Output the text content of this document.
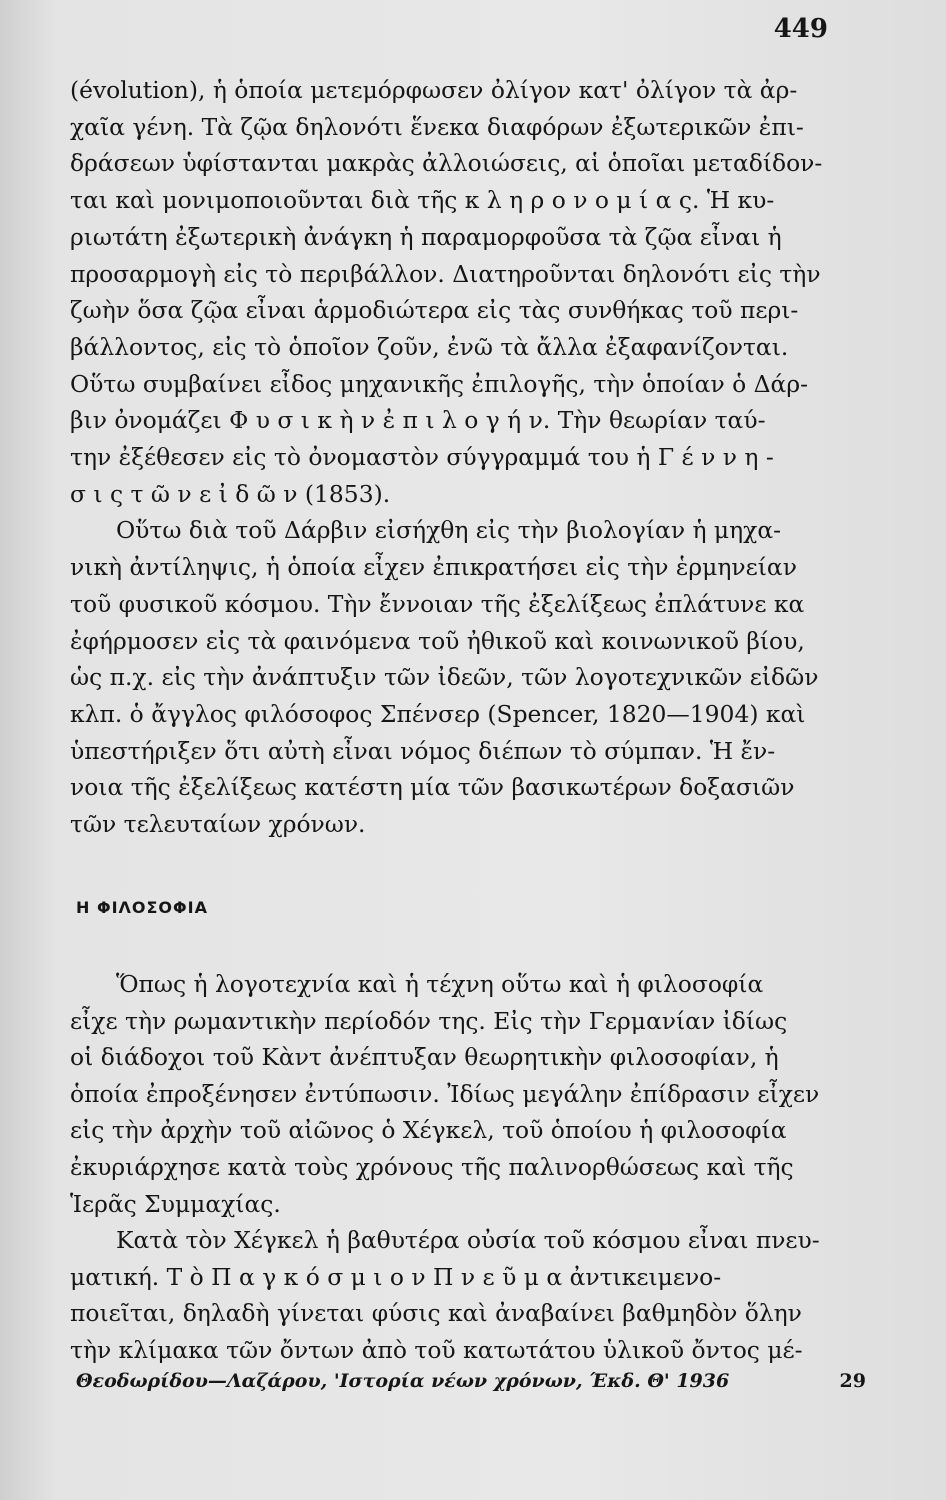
449
(évolution), ἡ ὁποία μετεμόρφωσεν ὀλίγον κατ' ὀλίγον τὰ ἀρ-
χαῖα γένη. Τὰ ζῷα δηλονότι ἕνεκα διαφόρων ἐξωτερικῶν ἐπι-
δράσεων ὑφίστανται μακρὰς ἀλλοιώσεις, αἱ ὁποῖαι μεταδίδον-
ται καὶ μονιμοποιοῦνται διὰ τῆς κ λ η ρ ο ν ο μ ί α ς. Ἡ κυ-
ριωτάτη ἐξωτερικὴ ἀνάγκη ἡ παραμορφοῦσα τὰ ζῷα εἶναι ἡ
προσαρμογὴ εἰς τὸ περιβάλλον. Διατηροῦνται δηλονότι εἰς τὴν
ζωὴν ὅσα ζῷα εἶναι ἁρμοδιώτερα εἰς τὰς συνθήκας τοῦ περι-
βάλλοντος, εἰς τὸ ὁποῖον ζοῦν, ἐνῶ τὰ ἄλλα ἐξαφανίζονται.
Οὕτω συμβαίνει εἶδος μηχανικῆς ἐπιλογῆς, τὴν ὁποίαν ὁ Δάρ-
βιν ὀνομάζει Φ υ σ ι κ ὴ ν ἐ π ι λ ο γ ή ν. Τὴν θεωρίαν ταύ-
την ἐξέθεσεν εἰς τὸ ὀνομαστὸν σύγγραμμά του ἡ Γ έ ν ν η -
σ ι ς τ ῶ ν ε ἰ δ ῶ ν (1853).
Οὕτω διὰ τοῦ Δάρβιν εἰσήχθη εἰς τὴν βιολογίαν ἡ μηχα-
νικὴ ἀντίληψις, ἡ ὁποία εἶχεν ἐπικρατήσει εἰς τὴν ἑρμηνείαν
τοῦ φυσικοῦ κόσμου. Τὴν ἔννοιαν τῆς ἐξελίξεως ἐπλάτυνε κα
ἐφήρμοσεν εἰς τὰ φαινόμενα τοῦ ἠθικοῦ καὶ κοινωνικοῦ βίου,
ὡς π.χ. εἰς τὴν ἀνάπτυξιν τῶν ἰδεῶν, τῶν λογοτεχνικῶν εἰδῶν
κλπ. ὁ ἄγγλος φιλόσοφος Σπένσερ (Spencer, 1820—1904) καὶ
ὑπεστήριξεν ὅτι αὐτὴ εἶναι νόμος διέπων τὸ σύμπαν. Ἡ ἔν-
νοια τῆς ἐξελίξεως κατέστη μία τῶν βασικωτέρων δοξασιῶν
τῶν τελευταίων χρόνων.
Η ΦΙΛΟΣΟΦΙΑ
Ὅπως ἡ λογοτεχνία καὶ ἡ τέχνη οὕτω καὶ ἡ φιλοσοφία
εἶχε τὴν ρωμαντικὴν περίοδόν της. Εἰς τὴν Γερμανίαν ἰδίως
οἱ διάδοχοι τοῦ Κὰντ ἀνέπτυξαν θεωρητικὴν φιλοσοφίαν, ἡ
ὁποία ἐπροξένησεν ἐντύπωσιν. Ἰδίως μεγάλην ἐπίδρασιν εἶχεν
εἰς τὴν ἀρχὴν τοῦ αἰῶνος ὁ Χέγκελ, τοῦ ὁποίου ἡ φιλοσοφία
ἐκυριάρχησε κατὰ τοὺς χρόνους τῆς παλινορθώσεως καὶ τῆς
Ἱερᾶς Συμμαχίας.
Κατὰ τὸν Χέγκελ ἡ βαθυτέρα οὐσία τοῦ κόσμου εἶναι πνευ-
ματική. Τ ὸ Π α γ κ ό σ μ ι ο ν Π ν ε ῦ μ α ἀντικειμενο-
ποιεῖται, δηλαδὴ γίνεται φύσις καὶ ἀναβαίνει βαθμηδὸν ὅλην
τὴν κλίμακα τῶν ὄντων ἀπὸ τοῦ κατωτάτου ὑλικοῦ ὄντος μέ-
Θεοδωρίδου—Λαζάρου, 'Ιστορία νέων χρόνων, Έκδ. Θ' 1936	29
